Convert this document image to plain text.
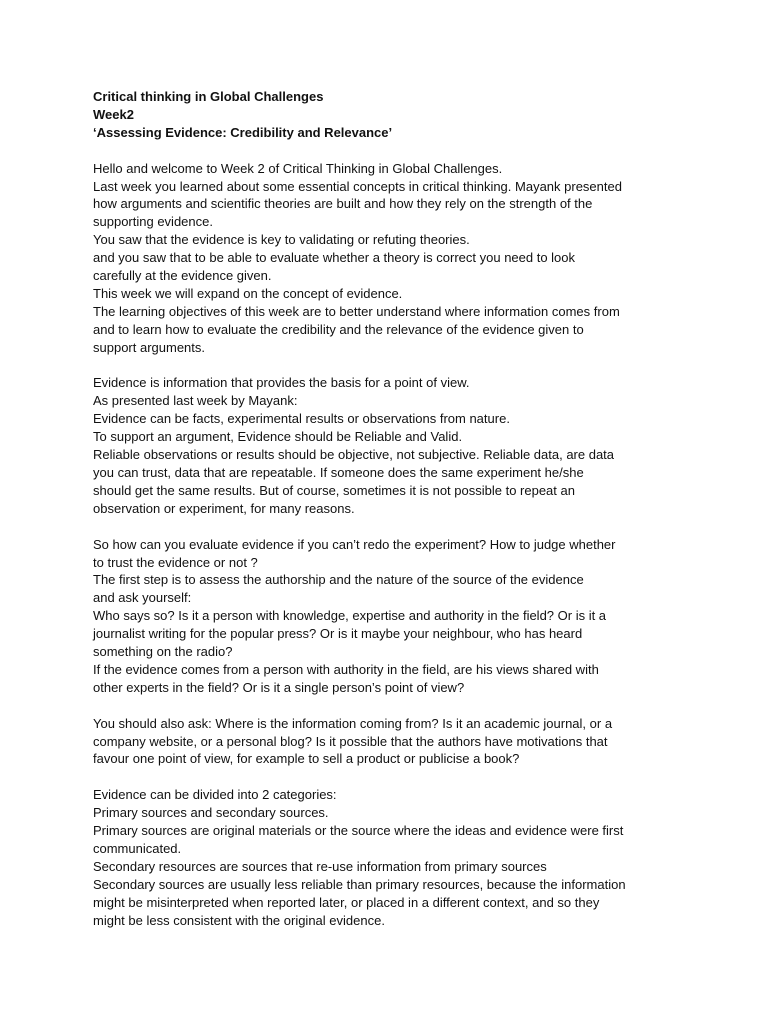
Critical thinking in Global Challenges
Week2
‘Assessing Evidence: Credibility and Relevance’
Hello and welcome to Week 2 of Critical Thinking in Global Challenges.
Last week you learned about some essential concepts in critical thinking. Mayank presented
how arguments and scientific theories are built and how they rely on the strength of the
supporting evidence.
You saw that the evidence is key to validating or refuting theories.
and you saw that to be able to evaluate whether a theory is correct you need to look
carefully at the evidence given.
This week we will expand on the concept of evidence.
The learning objectives of this week are to better understand where information comes from
and to learn how to evaluate the credibility and the relevance of the evidence given to
support arguments.
Evidence is information that provides the basis for a point of view.
As presented last week by Mayank:
Evidence can be facts, experimental results or observations from nature.
To support an argument, Evidence should be Reliable and Valid.
Reliable observations or results should be objective, not subjective. Reliable data, are data
you can trust, data that are repeatable. If someone does the same experiment he/she
should get the same results. But of course, sometimes it is not possible to repeat an
observation or experiment, for many reasons.
So how can you evaluate evidence if you can’t redo the experiment? How to judge whether
to trust the evidence or not ?
The first step is to assess the authorship and the nature of the source of the evidence
and ask yourself:
Who says so? Is it a person with knowledge, expertise and authority in the field? Or is it a
journalist writing for the popular press? Or is it maybe your neighbour, who has heard
something on the radio?
If the evidence comes from a person with authority in the field, are his views shared with
other experts in the field? Or is it a single person’s point of view?
You should also ask: Where is the information coming from? Is it an academic journal, or a
company website, or a personal blog? Is it possible that the authors have motivations that
favour one point of view, for example to sell a product or publicise a book?
Evidence can be divided into 2 categories:
Primary sources and secondary sources.
Primary sources are original materials or the source where the ideas and evidence were first
communicated.
Secondary resources are sources that re-use information from primary sources
Secondary sources are usually less reliable than primary resources, because the information
might be misinterpreted when reported later, or placed in a different context, and so they
might be less consistent with the original evidence.
